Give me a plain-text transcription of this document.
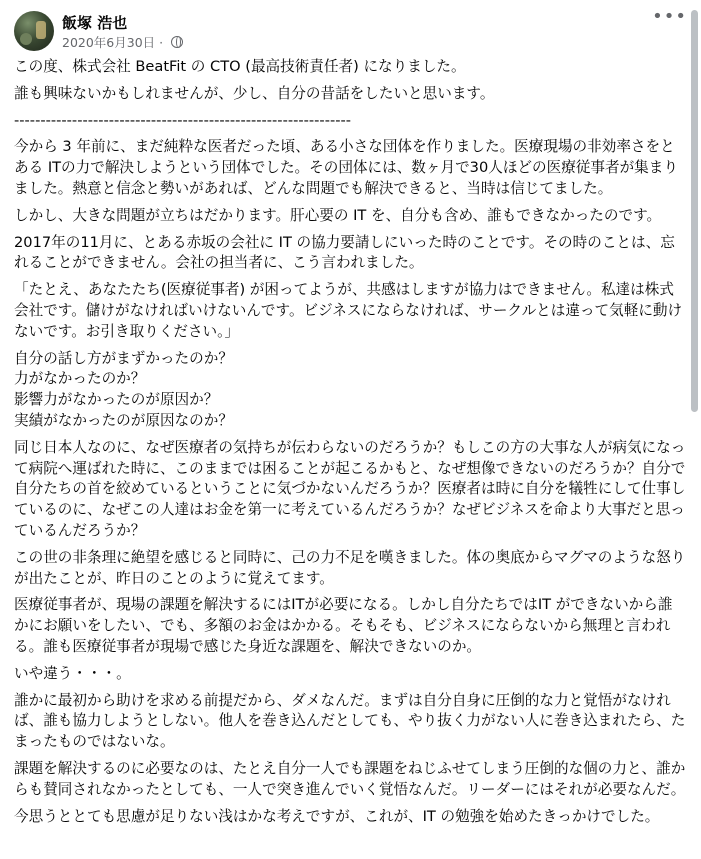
飯塚 浩也
2020年6月30日 ·
•••

この度、株式会社 BeatFit の CTO (最高技術責任者) になりました。

誰も興味ないかもしれませんが、少し、自分の昔話をしたいと思います。

----------------------------------------------------------------

今から 3 年前に、まだ純粋な医者だった頃、ある小さな団体を作りました。医療現場の非効率さをとある ITの力で解決しようという団体でした。その団体には、数ヶ月で30人ほどの医療従事者が集まりました。熱意と信念と勢いがあれば、どんな問題でも解決できると、当時は信じてました。

しかし、大きな問題が立ちはだかります。肝心要の IT を、自分も含め、誰もできなかったのです。

2017年の11月に、とある赤坂の会社に IT の協力要請しにいった時のことです。その時のことは、忘れることができません。会社の担当者に、こう言われました。

「たとえ、あなたたち(医療従事者) が困ってようが、共感はしますが協力はできません。私達は株式会社です。儲けがなければいけないんです。ビジネスにならなければ、サークルとは違って気軽に動けないです。お引き取りください。」

自分の話し方がまずかったのか？
力がなかったのか？
影響力がなかったのが原因か？
実績がなかったのが原因なのか？

同じ日本人なのに、なぜ医療者の気持ちが伝わらないのだろうか？もしこの方の大事な人が病気になって病院へ運ばれた時に、このままでは困ることが起こるかもと、なぜ想像できないのだろうか？自分で自分たちの首を絞めているということに気づかないんだろうか？医療者は時に自分を犠牲にして仕事しているのに、なぜこの人達はお金を第一に考えているんだろうか？なぜビジネスを命より大事だと思っているんだろうか？

この世の非条理に絶望を感じると同時に、己の力不足を嘆きました。体の奥底からマグマのような怒りが出たことが、昨日のことのように覚えてます。

医療従事者が、現場の課題を解決するにはITが必要になる。しかし自分たちではIT ができないから誰かにお願いをしたい、でも、多額のお金はかかる。そもそも、ビジネスにならないから無理と言われる。誰も医療従事者が現場で感じた身近な課題を、解決できないのか。

いや違う・・・。

誰かに最初から助けを求める前提だから、ダメなんだ。まずは自分自身に圧倒的な力と覚悟がなければ、誰も協力しようとしない。他人を巻き込んだとしても、やり抜く力がない人に巻き込まれたら、たまったものではないな。

課題を解決するのに必要なのは、たとえ自分一人でも課題をねじふせてしまう圧倒的な個の力と、誰からも賛同されなかったとしても、一人で突き進んでいく覚悟なんだ。リーダーにはそれが必要なんだ。

今思うととても思慮が足りない浅はかな考えですが、これが、IT の勉強を始めたきっかけでした。
